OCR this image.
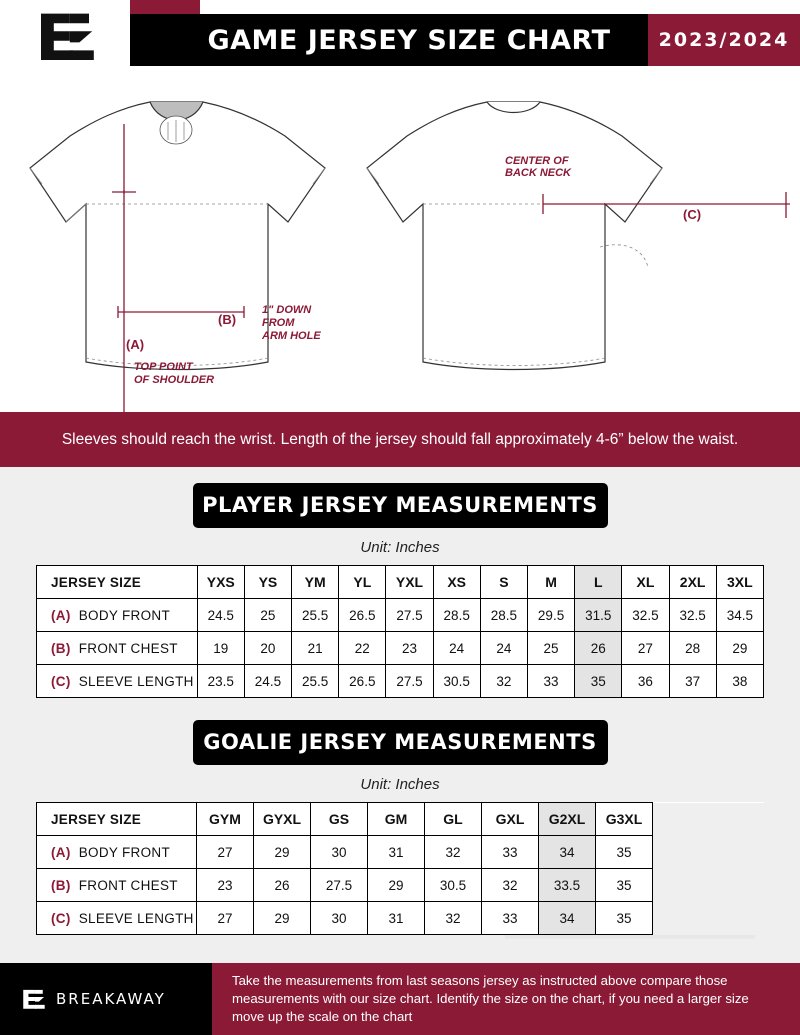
GAME JERSEY SIZE CHART	2023/2024
CENTER OF
BACK NECK
(C)
(B)
(A)
1" DOWN
FROM
ARM HOLE
TOP POINT
OF SHOULDER
Sleeves should reach the wrist. Length of the jersey should fall approximately 4-6” below the waist.
PLAYER JERSEY MEASUREMENTS
Unit: Inches
JERSEY SIZE	YXS	YS	YM	YL	YXL	XS	S	M	L	XL	2XL	3XL
(A)  BODY FRONT	24.5	25	25.5	26.5	27.5	28.5	28.5	29.5	31.5	32.5	32.5	34.5
(B)  FRONT CHEST	19	20	21	22	23	24	24	25	26	27	28	29
(C)  SLEEVE LENGTH	23.5	24.5	25.5	26.5	27.5	30.5	32	33	35	36	37	38
GOALIE JERSEY MEASUREMENTS
Unit: Inches
JERSEY SIZE	GYM	GYXL	GS	GM	GL	GXL	G2XL	G3XL	
(A)  BODY FRONT	27	29	30	31	32	33	34	35	
(B)  FRONT CHEST	23	26	27.5	29	30.5	32	33.5	35	
(C)  SLEEVE LENGTH	27	29	30	31	32	33	34	35	
BREAKAWAY
Take the measurements from last seasons jersey as instructed above compare those measurements with our size chart. Identify the size on the chart, if you need a larger size move up the scale on the chart
